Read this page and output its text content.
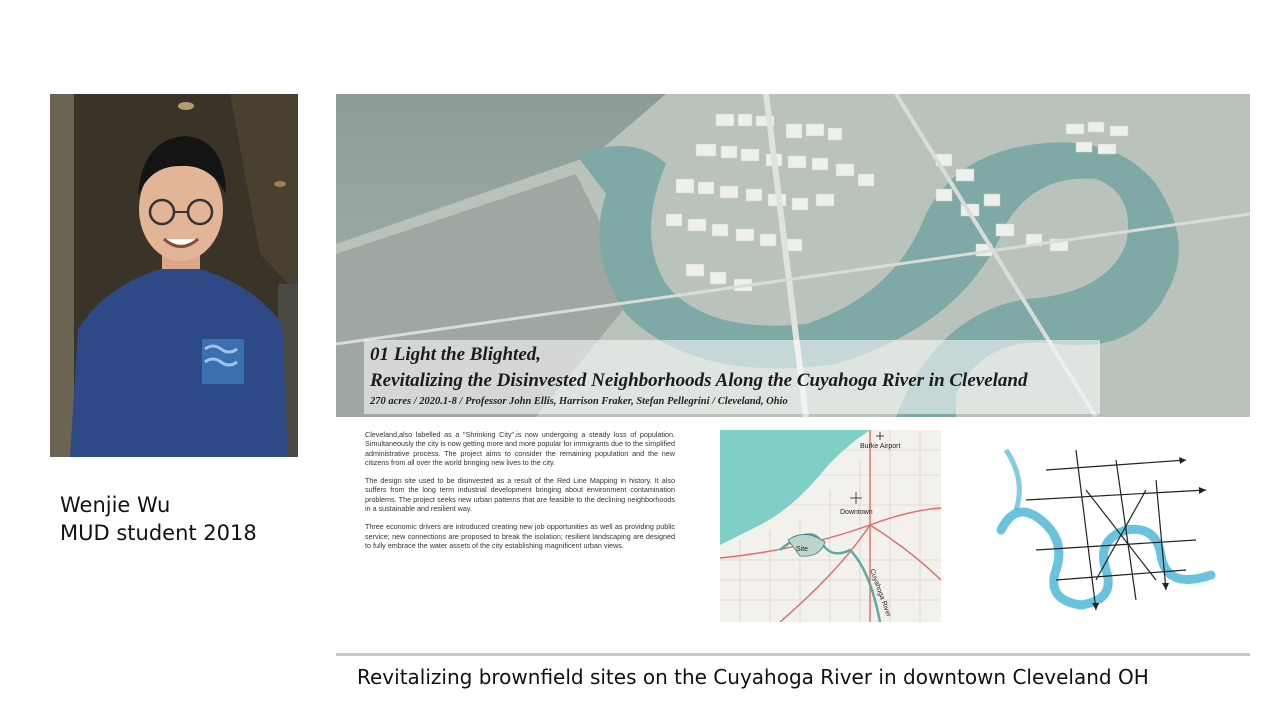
Wenjie Wu
MUD student 2018
01 Light the Blighted,
Revitalizing the Disinvested Neighborhoods Along the Cuyahoga River in Cleveland
270 acres / 2020.1-8 / Professor John Ellis, Harrison Fraker, Stefan Pellegrini / Cleveland, Ohio

Cleveland,also labelled as a "Shrinking City",is now undergoing a steady loss of population. Simultaneously the city is now getting more and more popular for immigrants due to the simplified administrative process. The project aims to consider the remaining population and the new citizens from all over the world bringing new lives to the city.

The design site used to be disinvested as a result of the Red Line Mapping in history. It also suffers from the long term industrial development bringing about environment contamination problems. The project seeks new urban patterns that are feasible to the declining neighborhoods in a sustainable and resilient way.

Three economic drivers are introduced creating new job opportunities as well as providing public service; new connections are proposed to break the isolation; resilient landscaping are designed to fully embrace the water assets of the city establishing magnificent urban views.

Burke Airport
Downtown
Site
Cuyahoga River
Revitalizing brownfield sites on the Cuyahoga River in downtown Cleveland OH
